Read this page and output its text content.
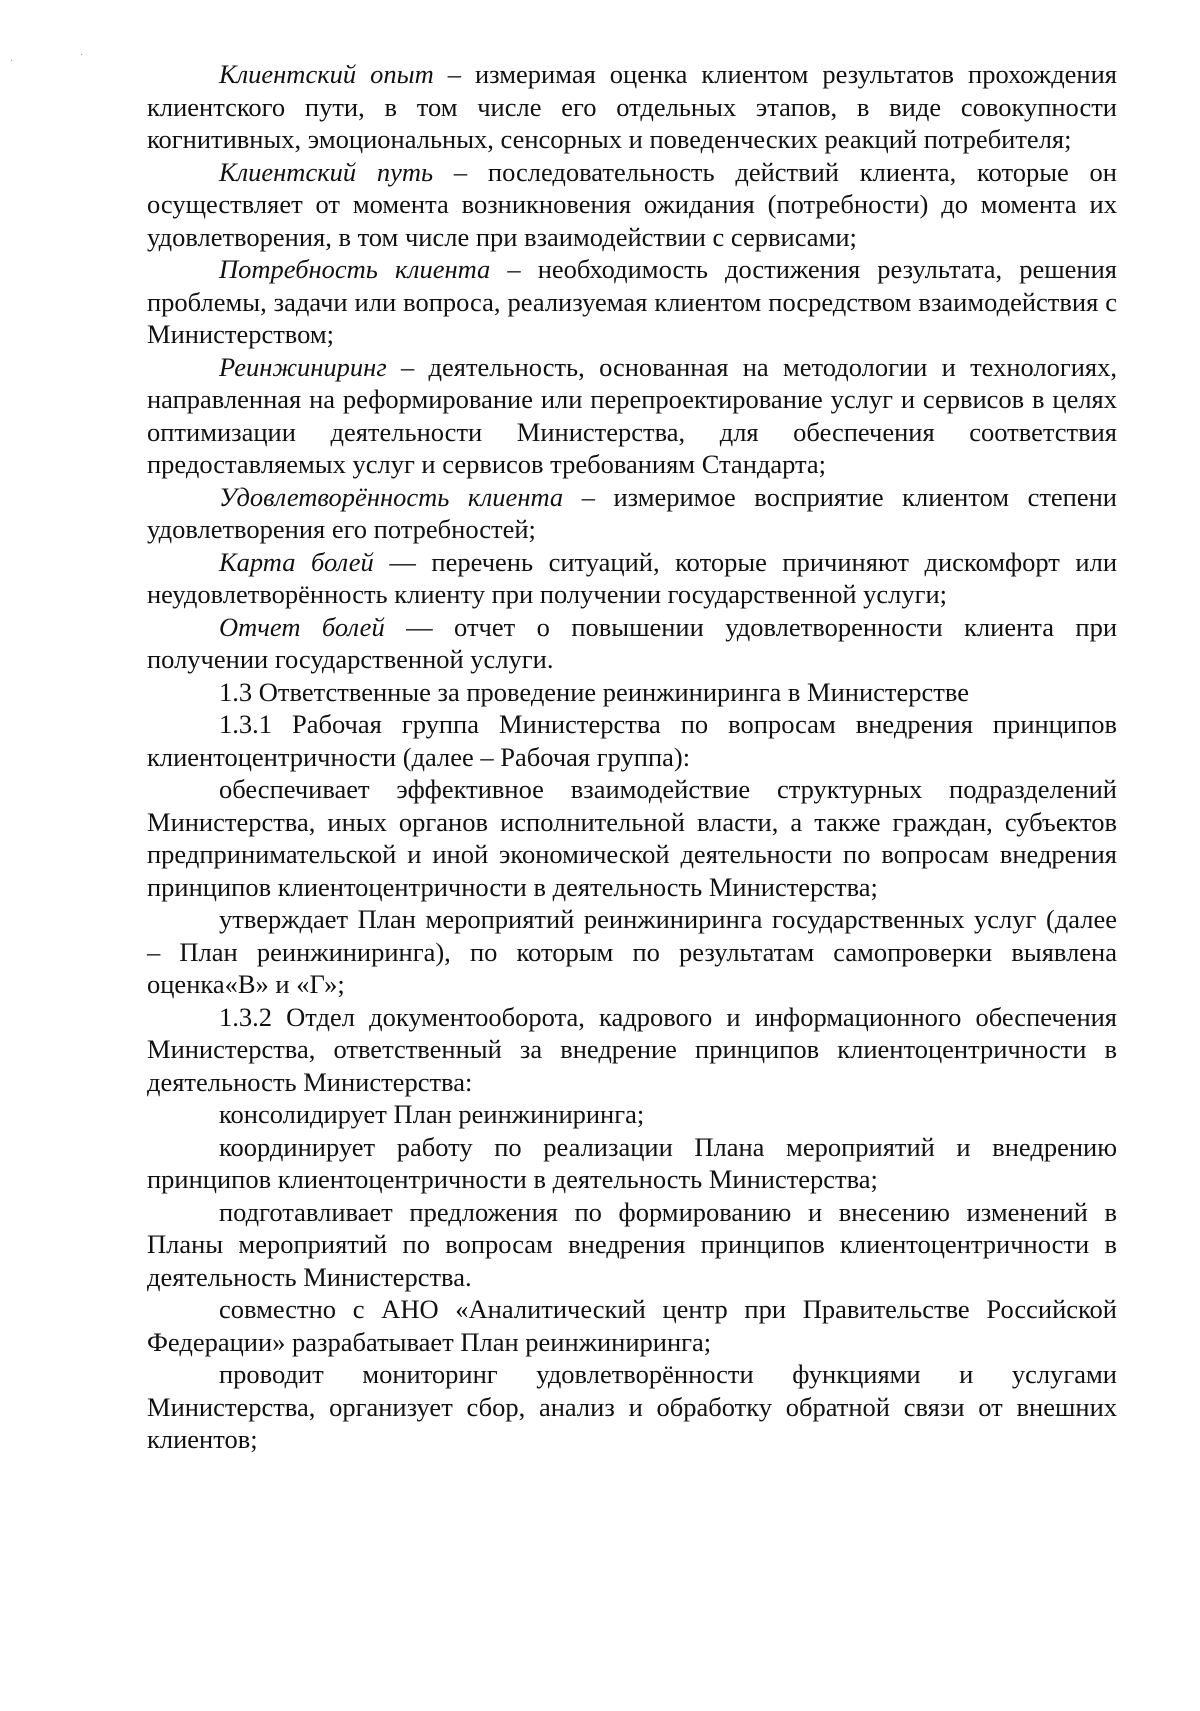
·
·

Клиентский опыт – измеримая оценка клиентом результатов прохождения клиентского пути, в том числе его отдельных этапов, в виде совокупности когнитивных, эмоциональных, сенсорных и поведенческих реакций потребителя;

Клиентский путь – последовательность действий клиента, которые он осуществляет от момента возникновения ожидания (потребности) до момента их удовлетворения, в том числе при взаимодействии с сервисами;

Потребность клиента – необходимость достижения результата, решения проблемы, задачи или вопроса, реализуемая клиентом посредством взаимодействия с Министерством;

Реинжиниринг – деятельность, основанная на методологии и технологиях, направленная на реформирование или перепроектирование услуг и сервисов в целях оптимизации деятельности Министерства, для обеспечения соответствия предоставляемых услуг и сервисов требованиям Стандарта;

Удовлетворённость клиента – измеримое восприятие клиентом степени удовлетворения его потребностей;

Карта болей — перечень ситуаций, которые причиняют дискомфорт или неудовлетворённость клиенту при получении государственной услуги;

Отчет болей — отчет о повышении удовлетворенности клиента при получении государственной услуги.

1.3 Ответственные за проведение реинжиниринга в Министерстве

1.3.1 Рабочая группа Министерства по вопросам внедрения принципов клиентоцентричности (далее – Рабочая группа):

обеспечивает эффективное взаимодействие структурных подразделений Министерства, иных органов исполнительной власти, а также граждан, субъектов предпринимательской и иной экономической деятельности по вопросам внедрения принципов клиентоцентричности в деятельность Министерства;

утверждает План мероприятий реинжиниринга государственных услуг (далее – План реинжиниринга), по которым по результатам самопроверки выявлена оценка«В» и «Г»;

1.3.2 Отдел документооборота, кадрового и информационного обеспечения Министерства, ответственный за внедрение принципов клиентоцентричности в деятельность Министерства:

консолидирует План реинжиниринга;

координирует работу по реализации Плана мероприятий и внедрению принципов клиентоцентричности в деятельность Министерства;

подготавливает предложения по формированию и внесению изменений в Планы мероприятий по вопросам внедрения принципов клиентоцентричности в деятельность Министерства.

совместно с АНО «Аналитический центр при Правительстве Российской Федерации» разрабатывает План реинжиниринга;

проводит мониторинг удовлетворённости функциями и услугами Министерства, организует сбор, анализ и обработку обратной связи от внешних клиентов;
